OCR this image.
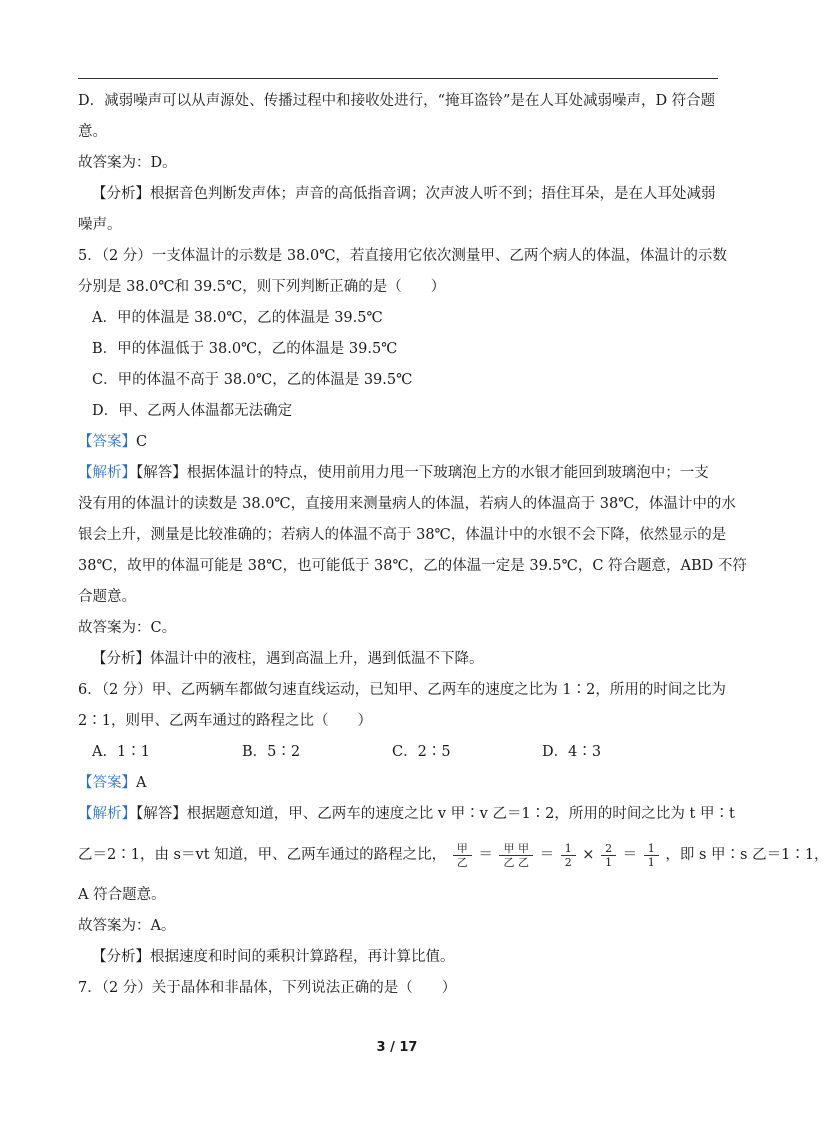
D．减弱噪声可以从声源处、传播过程中和接收处进行，“掩耳盗铃”是在人耳处减弱噪声，D 符合题
意。
故答案为：D。
【分析】根据音色判断发声体；声音的高低指音调；次声波人听不到；捂住耳朵，是在人耳处减弱
噪声。
5．（2 分）一支体温计的示数是 38.0℃，若直接用它依次测量甲、乙两个病人的体温，体温计的示数
分别是 38.0℃和 39.5℃，则下列判断正确的是（　　）
A．甲的体温是 38.0℃，乙的体温是 39.5℃
B．甲的体温低于 38.0℃，乙的体温是 39.5℃
C．甲的体温不高于 38.0℃，乙的体温是 39.5℃
D．甲、乙两人体温都无法确定
【答案】C
【解析】【解答】根据体温计的特点，使用前用力甩一下玻璃泡上方的水银才能回到玻璃泡中；一支
没有用的体温计的读数是 38.0℃，直接用来测量病人的体温，若病人的体温高于 38℃，体温计中的水
银会上升，测量是比较准确的；若病人的体温不高于 38℃，体温计中的水银不会下降，依然显示的是
38℃，故甲的体温可能是 38℃，也可能低于 38℃，乙的体温一定是 39.5℃，C 符合题意，ABD 不符
合题意。
故答案为：C。
【分析】体温计中的液柱，遇到高温上升，遇到低温不下降。
6．（2 分）甲、乙两辆车都做匀速直线运动，已知甲、乙两车的速度之比为 1∶2，所用的时间之比为
2∶1，则甲、乙两车通过的路程之比（　　）
A．1∶1	B．5∶2	C．2∶5	D．4∶3
【答案】A
【解析】【解答】根据题意知道，甲、乙两车的速度之比 v 甲∶v 乙＝1∶2，所用的时间之比为 t 甲∶t
乙＝2∶1，由 s＝vt 知道，甲、乙两车通过的路程之比， $\frac{\text{甲}}{\text{乙}} = \frac{\text{甲 甲}}{\text{乙 乙}} = \frac{1}{2} \times \frac{2}{1} = \frac{1}{1}$ ，即 s 甲∶s 乙＝1∶1，
A 符合题意。
故答案为：A。
【分析】根据速度和时间的乘积计算路程，再计算比值。
7．（2 分）关于晶体和非晶体，下列说法正确的是（　　）
3 / 17
